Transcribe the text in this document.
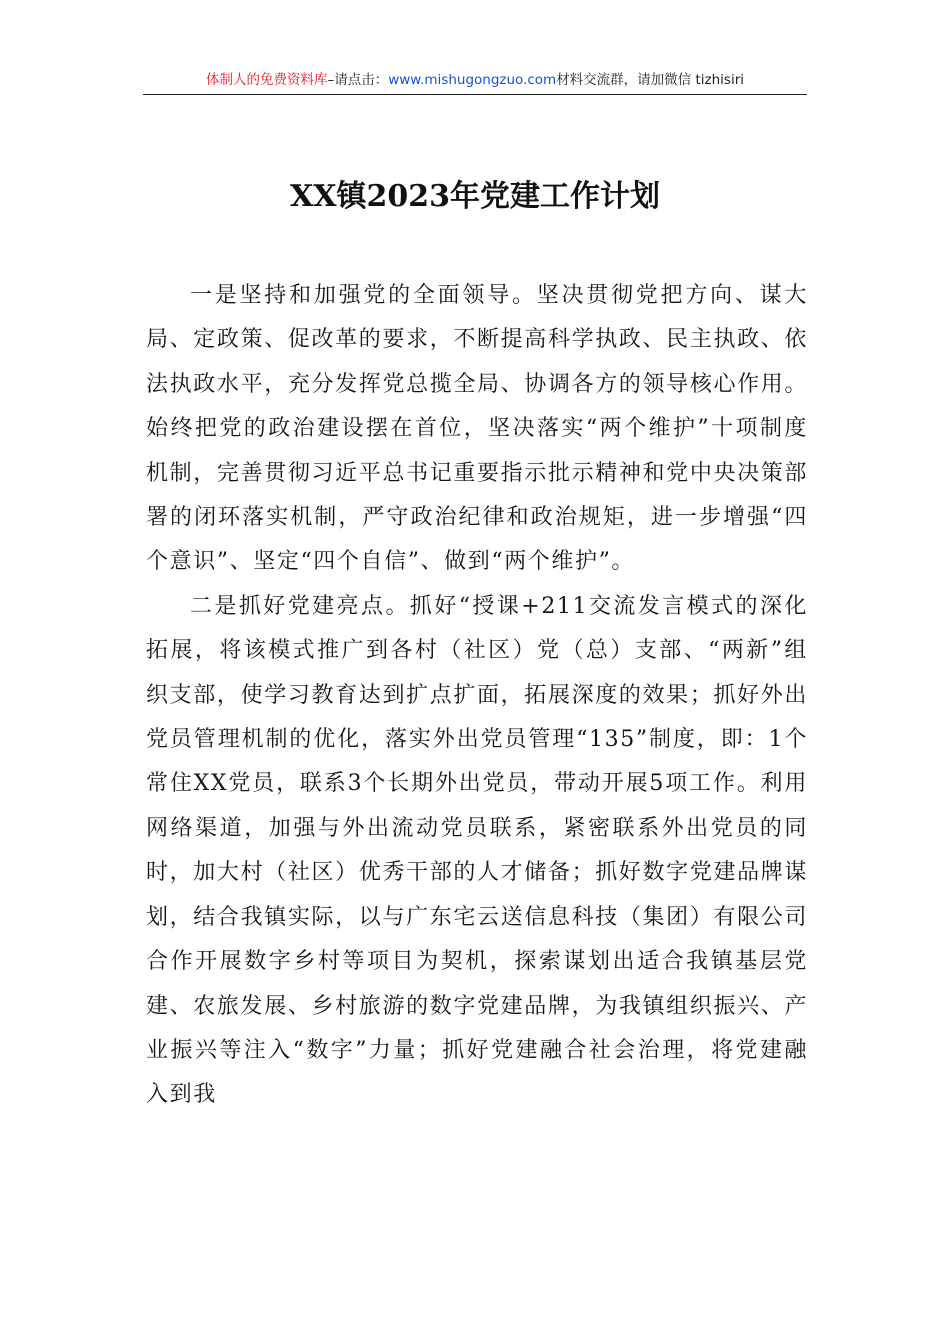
体制人的免费资料库–请点击：www.mishugongzuo.com材料交流群，请加微信 tizhisiri
XX镇2023年党建工作计划

一是坚持和加强党的全面领导。坚决贯彻党把方向、谋大局、定政策、促改革的要求，不断提高科学执政、民主执政、依法执政水平，充分发挥党总揽全局、协调各方的领导核心作用。始终把党的政治建设摆在首位，坚决落实“两个维护”十项制度机制，完善贯彻习近平总书记重要指示批示精神和党中央决策部署的闭环落实机制，严守政治纪律和政治规矩，进一步增强“四个意识”、坚定“四个自信”、做到“两个维护”。

二是抓好党建亮点。抓好“授课+211交流发言模式的深化拓展，将该模式推广到各村（社区）党（总）支部、“两新”组织支部，使学习教育达到扩点扩面，拓展深度的效果；抓好外出党员管理机制的优化，落实外出党员管理“135”制度，即：1个常住XX党员，联系3个长期外出党员，带动开展5项工作。利用网络渠道，加强与外出流动党员联系，紧密联系外出党员的同时，加大村（社区）优秀干部的人才储备；抓好数字党建品牌谋划，结合我镇实际，以与广东宅云送信息科技（集团）有限公司合作开展数字乡村等项目为契机，探索谋划出适合我镇基层党建、农旅发展、乡村旅游的数字党建品牌，为我镇组织振兴、产业振兴等注入“数字”力量；抓好党建融合社会治理，将党建融入到我
